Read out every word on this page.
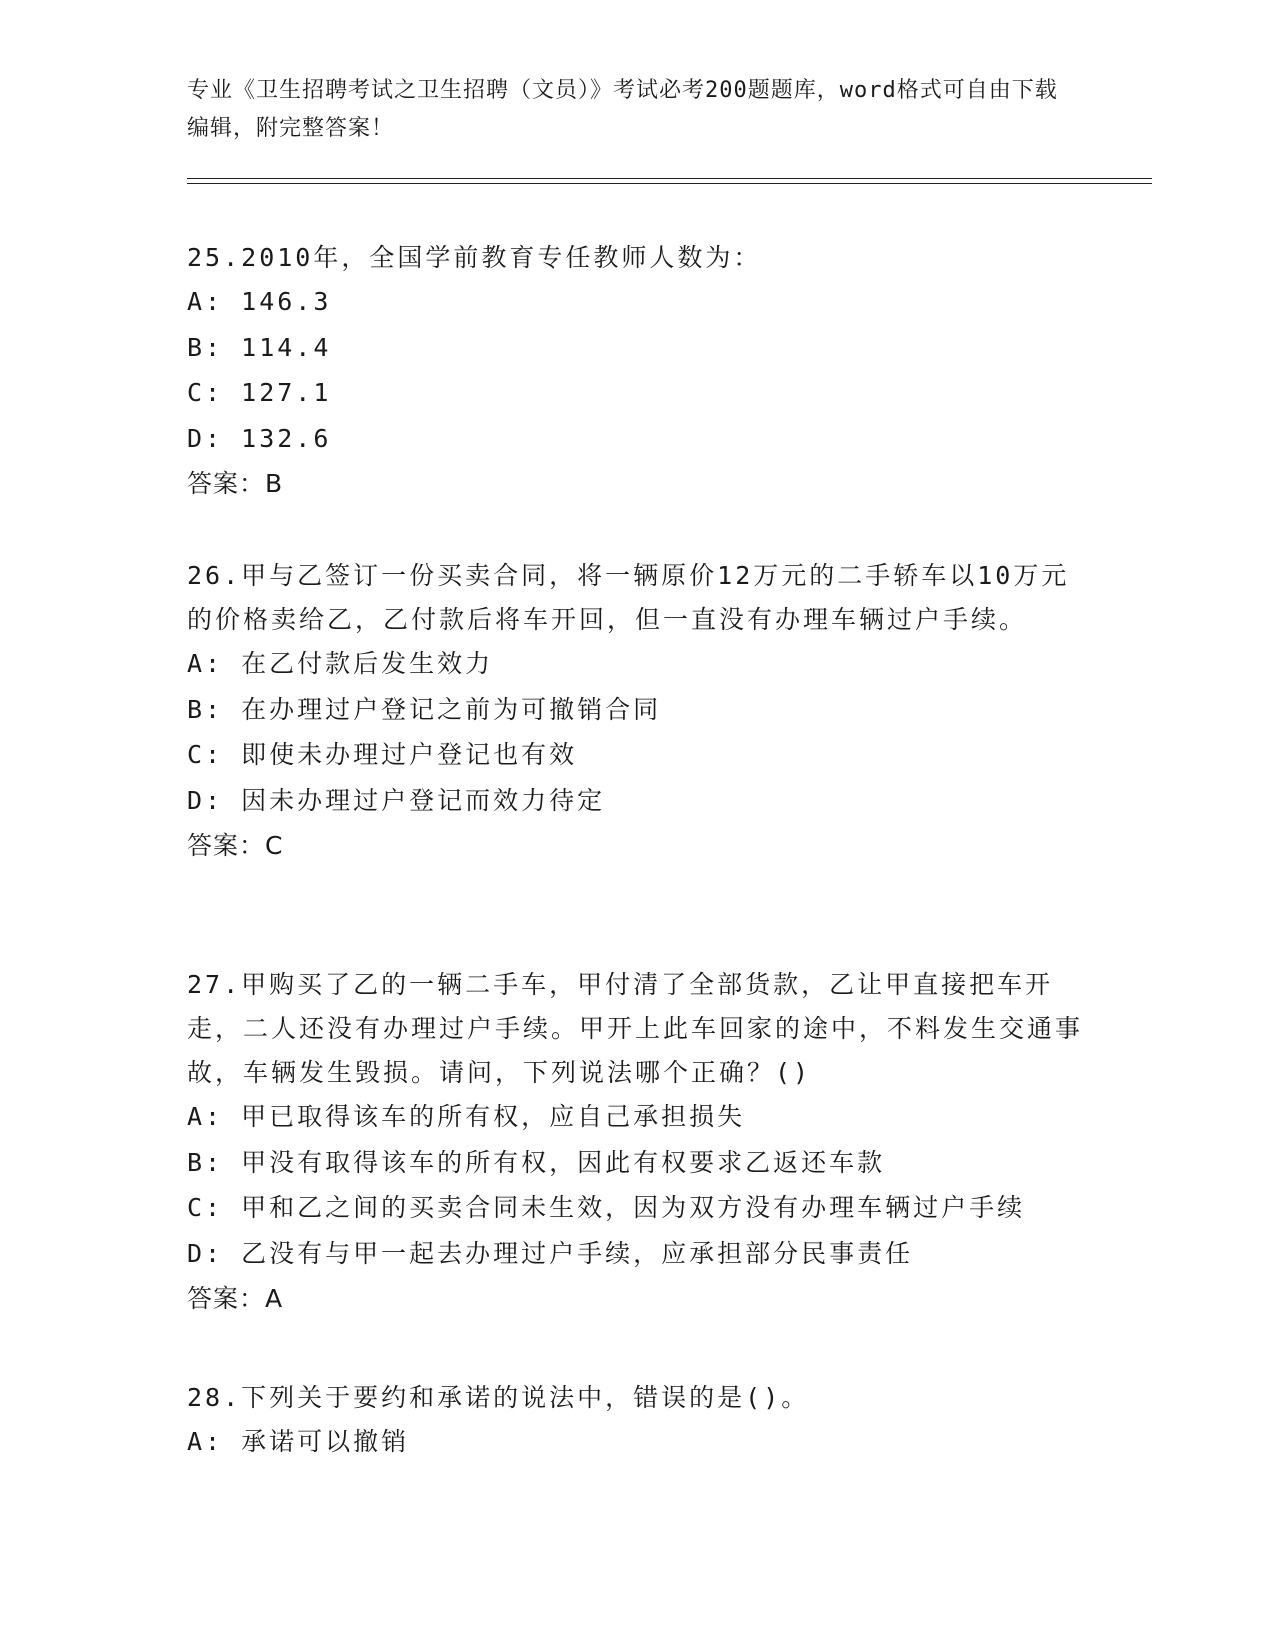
专业《卫生招聘考试之卫生招聘（文员）》考试必考200题题库，word格式可自由下载编辑，附完整答案！
25.2010年，全国学前教育专任教师人数为：
A: 146.3
B: 114.4
C: 127.1
D: 132.6
答案：B
26.甲与乙签订一份买卖合同，将一辆原价12万元的二手轿车以10万元的价格卖给乙，乙付款后将车开回，但一直没有办理车辆过户手续。
A: 在乙付款后发生效力
B: 在办理过户登记之前为可撤销合同
C: 即使未办理过户登记也有效
D: 因未办理过户登记而效力待定
答案：C
27.甲购买了乙的一辆二手车，甲付清了全部货款，乙让甲直接把车开走，二人还没有办理过户手续。甲开上此车回家的途中，不料发生交通事故，车辆发生毁损。请问，下列说法哪个正确？()
A: 甲已取得该车的所有权，应自己承担损失
B: 甲没有取得该车的所有权，因此有权要求乙返还车款
C: 甲和乙之间的买卖合同未生效，因为双方没有办理车辆过户手续
D: 乙没有与甲一起去办理过户手续，应承担部分民事责任
答案：A
28.下列关于要约和承诺的说法中，错误的是()。
A: 承诺可以撤销
